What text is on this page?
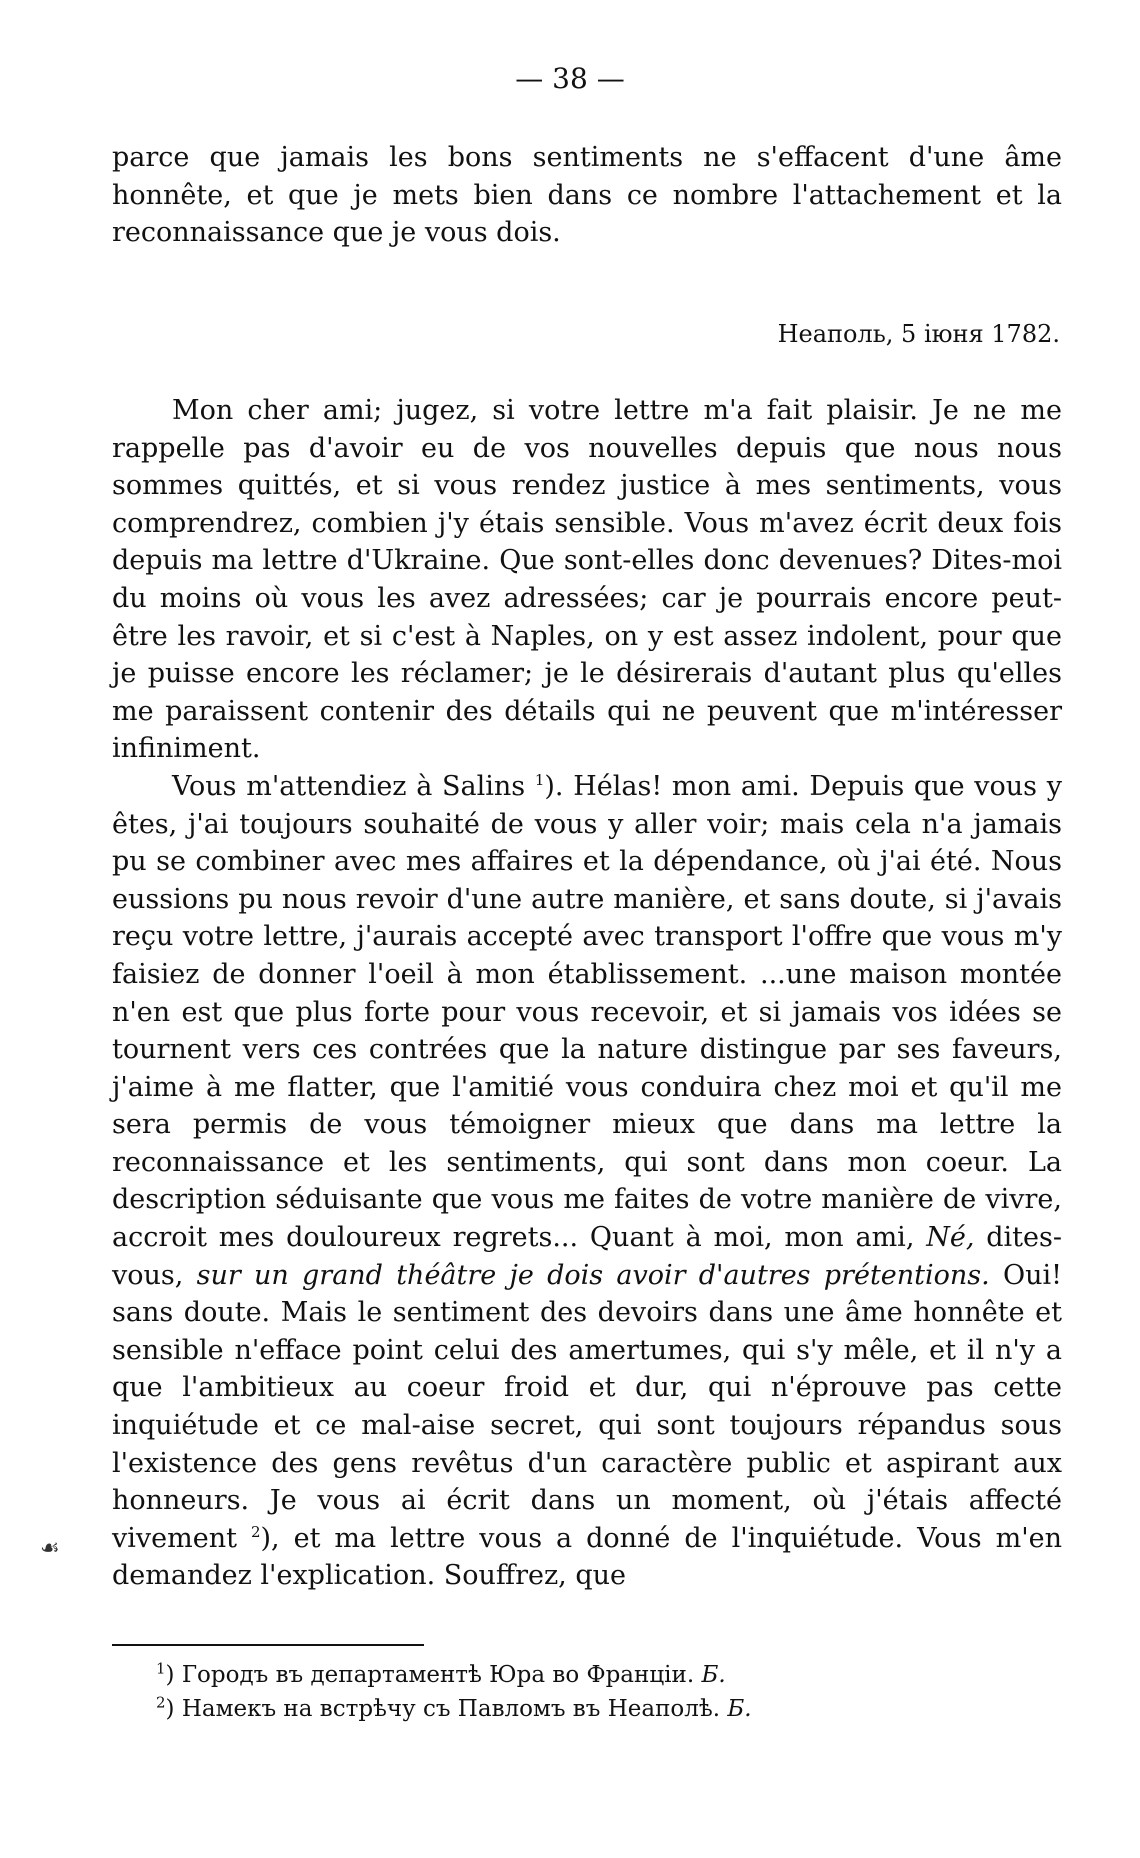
— 38 —

parce que jamais les bons sentiments ne s'effacent d'une âme honnête, et que je mets bien dans ce nombre l'attachement et la reconnaissance que je vous dois.

Неаполь, 5 іюня 1782.

Mon cher ami; jugez, si votre lettre m'a fait plaisir. Je ne me rappelle pas d'avoir eu de vos nouvelles depuis que nous nous sommes quittés, et si vous rendez justice à mes sentiments, vous comprendrez, combien j'y étais sensible. Vous m'avez écrit deux fois depuis ma lettre d'Ukraine. Que sont-elles donc devenues? Dites-moi du moins où vous les avez adressées; car je pourrais encore peut-être les ravoir, et si c'est à Naples, on y est assez indolent, pour que je puisse encore les réclamer; je le désirerais d'autant plus qu'elles me paraissent contenir des détails qui ne peuvent que m'intéresser infiniment.

Vous m'attendiez à Salins $^1$). Hélas! mon ami. Depuis que vous y êtes, j'ai toujours souhaité de vous y aller voir; mais cela n'a jamais pu se combiner avec mes affaires et la dépendance, où j'ai été. Nous eussions pu nous revoir d'une autre manière, et sans doute, si j'avais reçu votre lettre, j'aurais accepté avec transport l'offre que vous m'y faisiez de donner l'oeil à mon établissement. ...une maison montée n'en est que plus forte pour vous recevoir, et si jamais vos idées se tournent vers ces contrées que la nature distingue par ses faveurs, j'aime à me flatter, que l'amitié vous conduira chez moi et qu'il me sera permis de vous témoigner mieux que dans ma lettre la reconnaissance et les sentiments, qui sont dans mon coeur. La description séduisante que vous me faites de votre manière de vivre, accroit mes douloureux regrets... Quant à moi, mon ami, Né, dites-vous, sur un grand théâtre je dois avoir d'autres prétentions. Oui! sans doute. Mais le sentiment des devoirs dans une âme honnête et sensible n'efface point celui des amertumes, qui s'y mêle, et il n'y a que l'ambitieux au coeur froid et dur, qui n'éprouve pas cette inquiétude et ce mal-aise secret, qui sont toujours répandus sous l'existence des gens revêtus d'un caractère public et aspirant aux honneurs. Je vous ai écrit dans un moment, où j'étais affecté vivement $^2$), et ma lettre vous a donné de l'inquiétude. Vous m'en demandez l'explication. Souffrez, que

☙
$^1$) Городъ въ департаментѣ Юра во Франціи. Б.
$^2$) Намекъ на встрѣчу съ Павломъ въ Неаполѣ. Б.
